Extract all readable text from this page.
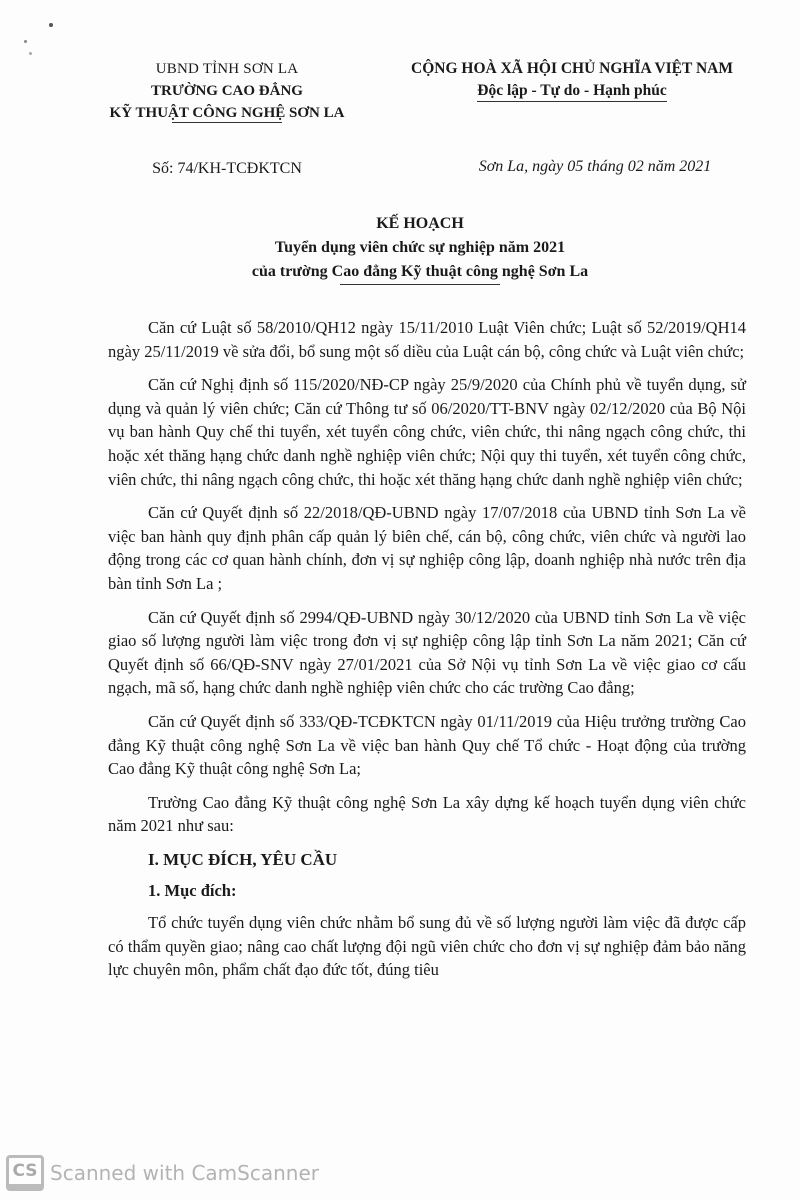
UBND TỈNH SƠN LA
TRƯỜNG CAO ĐẲNG
KỸ THUẬT CÔNG NGHỆ SƠN LA
Số: 74/KH-TCĐKTCN
CỘNG HOÀ XÃ HỘI CHỦ NGHĨA VIỆT NAM
Độc lập - Tự do - Hạnh phúc
Sơn La, ngày 05 tháng 02 năm 2021
KẾ HOẠCH
Tuyển dụng viên chức sự nghiệp năm 2021
của trường Cao đẳng Kỹ thuật công nghệ Sơn La

Căn cứ Luật số 58/2010/QH12 ngày 15/11/2010 Luật Viên chức; Luật số 52/2019/QH14 ngày 25/11/2019 về sửa đổi, bổ sung một số diều của Luật cán bộ, công chức và Luật viên chức;

Căn cứ Nghị định số 115/2020/NĐ-CP ngày 25/9/2020 của Chính phủ về tuyển dụng, sử dụng và quản lý viên chức; Căn cứ Thông tư số 06/2020/TT-BNV ngày 02/12/2020 của Bộ Nội vụ ban hành Quy chế thi tuyển, xét tuyển công chức, viên chức, thi nâng ngạch công chức, thi hoặc xét thăng hạng chức danh nghề nghiệp viên chức; Nội quy thi tuyển, xét tuyển công chức, viên chức, thi nâng ngạch công chức, thi hoặc xét thăng hạng chức danh nghề nghiệp viên chức;

Căn cứ Quyết định số 22/2018/QĐ-UBND ngày 17/07/2018 của UBND tỉnh Sơn La về việc ban hành quy định phân cấp quản lý biên chế, cán bộ, công chức, viên chức và người lao động trong các cơ quan hành chính, đơn vị sự nghiệp công lập, doanh nghiệp nhà nước trên địa bàn tỉnh Sơn La ;

Căn cứ Quyết định số 2994/QĐ-UBND ngày 30/12/2020 của UBND tỉnh Sơn La về việc giao số lượng người làm việc trong đơn vị sự nghiệp công lập tỉnh Sơn La năm 2021; Căn cứ Quyết định số 66/QĐ-SNV ngày 27/01/2021 của Sở Nội vụ tỉnh Sơn La về việc giao cơ cấu ngạch, mã số, hạng chức danh nghề nghiệp viên chức cho các trường Cao đẳng;

Căn cứ Quyết định số 333/QĐ-TCĐKTCN ngày 01/11/2019 của Hiệu trưởng trường Cao đẳng Kỹ thuật công nghệ Sơn La về việc ban hành Quy chế Tổ chức - Hoạt động của trường Cao đẳng Kỹ thuật công nghệ Sơn La;

Trường Cao đẳng Kỹ thuật công nghệ Sơn La xây dựng kế hoạch tuyển dụng viên chức năm 2021 như sau:

I. MỤC ĐÍCH, YÊU CẦU
1. Mục đích:

Tổ chức tuyển dụng viên chức nhằm bổ sung đủ về số lượng người làm việc đã được cấp có thẩm quyền giao; nâng cao chất lượng đội ngũ viên chức cho đơn vị sự nghiệp đảm bảo năng lực chuyên môn, phẩm chất đạo đức tốt, đúng tiêu

CS Scanned with CamScanner
